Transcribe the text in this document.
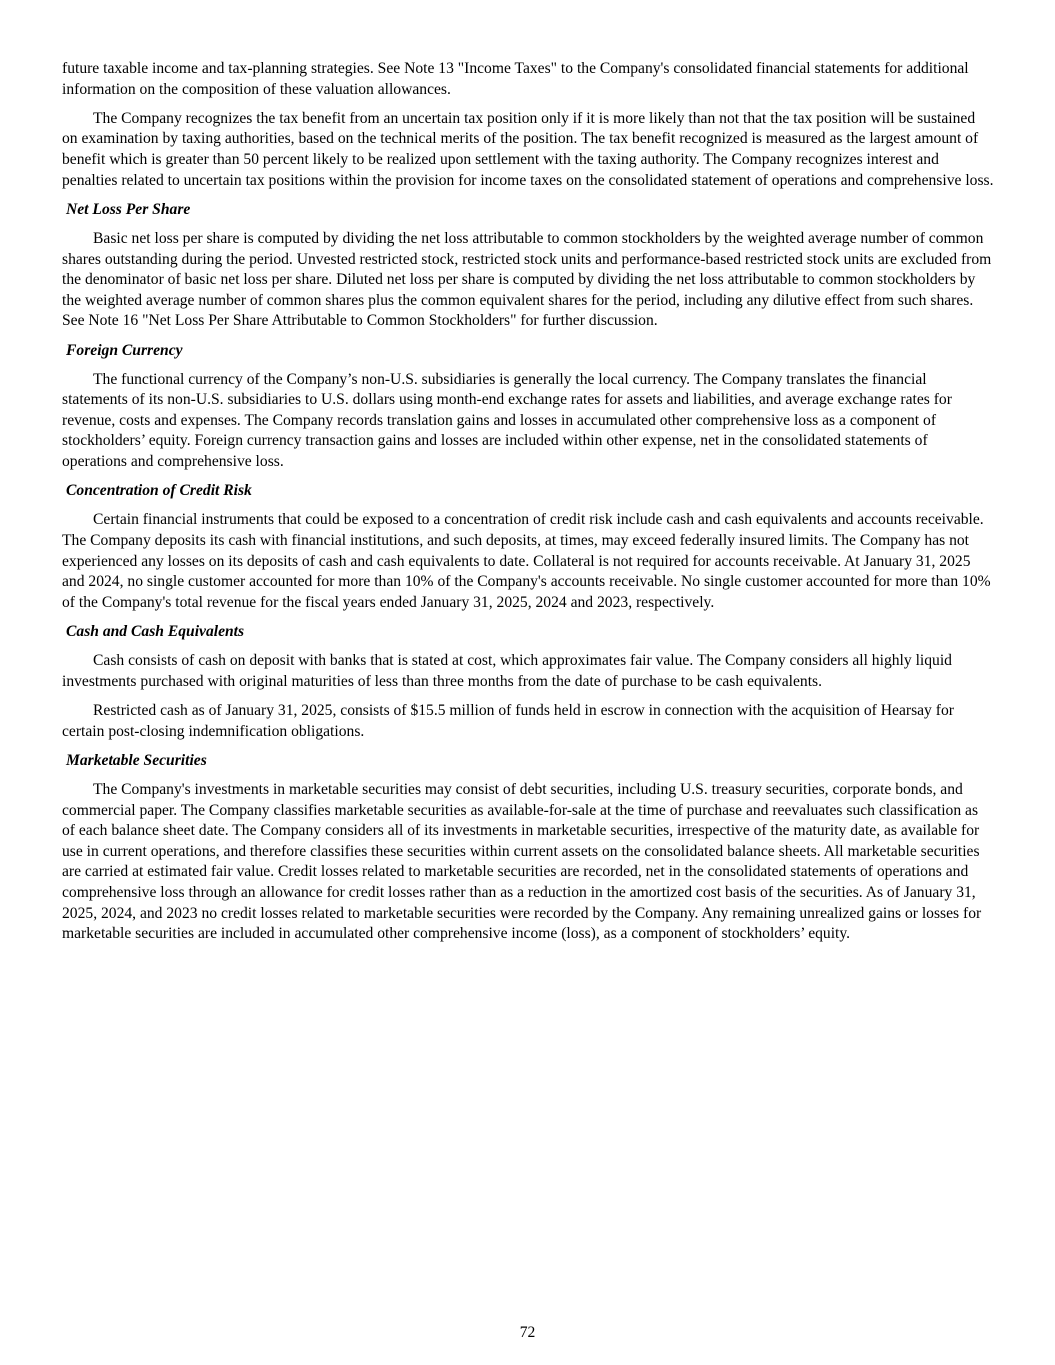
future taxable income and tax-planning strategies. See Note 13 "Income Taxes" to the Company's consolidated financial statements for additional information on the composition of these valuation allowances.

The Company recognizes the tax benefit from an uncertain tax position only if it is more likely than not that the tax position will be sustained on examination by taxing authorities, based on the technical merits of the position. The tax benefit recognized is measured as the largest amount of benefit which is greater than 50 percent likely to be realized upon settlement with the taxing authority. The Company recognizes interest and penalties related to uncertain tax positions within the provision for income taxes on the consolidated statement of operations and comprehensive loss.

Net Loss Per Share

Basic net loss per share is computed by dividing the net loss attributable to common stockholders by the weighted average number of common shares outstanding during the period. Unvested restricted stock, restricted stock units and performance-based restricted stock units are excluded from the denominator of basic net loss per share. Diluted net loss per share is computed by dividing the net loss attributable to common stockholders by the weighted average number of common shares plus the common equivalent shares for the period, including any dilutive effect from such shares. See Note 16 "Net Loss Per Share Attributable to Common Stockholders" for further discussion.

Foreign Currency

The functional currency of the Company’s non-U.S. subsidiaries is generally the local currency. The Company translates the financial statements of its non-U.S. subsidiaries to U.S. dollars using month-end exchange rates for assets and liabilities, and average exchange rates for revenue, costs and expenses. The Company records translation gains and losses in accumulated other comprehensive loss as a component of stockholders’ equity. Foreign currency transaction gains and losses are included within other expense, net in the consolidated statements of operations and comprehensive loss.

Concentration of Credit Risk

Certain financial instruments that could be exposed to a concentration of credit risk include cash and cash equivalents and accounts receivable. The Company deposits its cash with financial institutions, and such deposits, at times, may exceed federally insured limits. The Company has not experienced any losses on its deposits of cash and cash equivalents to date. Collateral is not required for accounts receivable. At January 31, 2025 and 2024, no single customer accounted for more than 10% of the Company's accounts receivable. No single customer accounted for more than 10% of the Company's total revenue for the fiscal years ended January 31, 2025, 2024 and 2023, respectively.

Cash and Cash Equivalents

Cash consists of cash on deposit with banks that is stated at cost, which approximates fair value. The Company considers all highly liquid investments purchased with original maturities of less than three months from the date of purchase to be cash equivalents.

Restricted cash as of January 31, 2025, consists of $15.5 million of funds held in escrow in connection with the acquisition of Hearsay for certain post-closing indemnification obligations.

Marketable Securities

The Company's investments in marketable securities may consist of debt securities, including U.S. treasury securities, corporate bonds, and commercial paper. The Company classifies marketable securities as available-for-sale at the time of purchase and reevaluates such classification as of each balance sheet date. The Company considers all of its investments in marketable securities, irrespective of the maturity date, as available for use in current operations, and therefore classifies these securities within current assets on the consolidated balance sheets. All marketable securities are carried at estimated fair value. Credit losses related to marketable securities are recorded, net in the consolidated statements of operations and comprehensive loss through an allowance for credit losses rather than as a reduction in the amortized cost basis of the securities. As of January 31, 2025, 2024, and 2023 no credit losses related to marketable securities were recorded by the Company. Any remaining unrealized gains or losses for marketable securities are included in accumulated other comprehensive income (loss), as a component of stockholders’ equity.

72
